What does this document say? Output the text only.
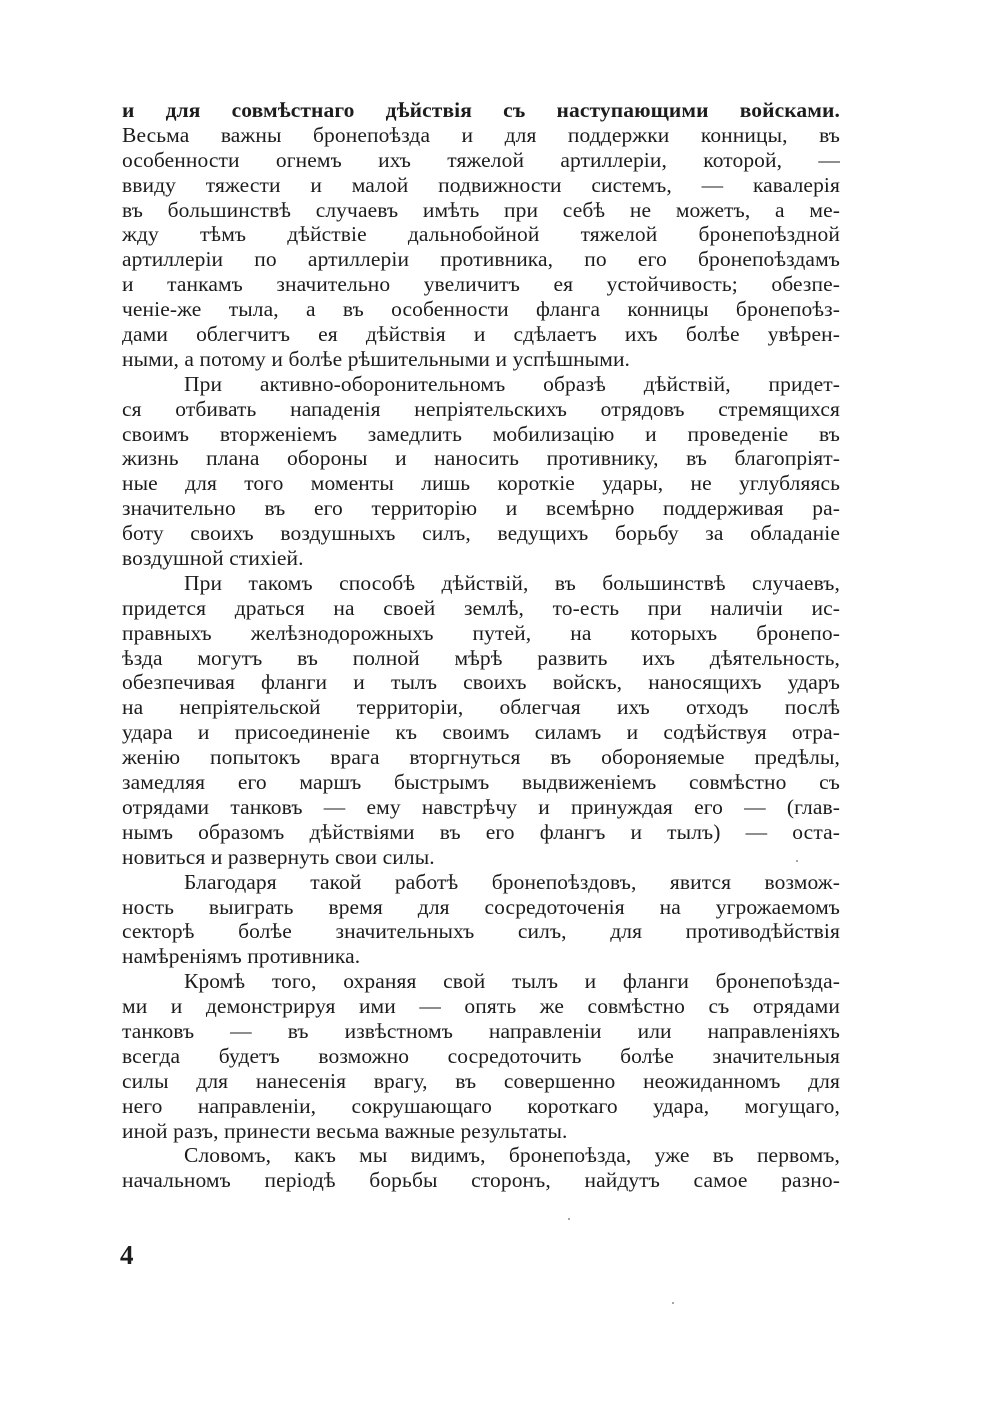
и для совмѣстнаго дѣйствія съ наступающими войсками.
Весьма важны бронепоѣзда и для поддержки конницы, въ
особенности огнемъ ихъ тяжелой артиллеріи, которой, —
ввиду тяжести и малой подвижности системъ, — кавалерія
въ большинствѣ случаевъ имѣть при себѣ не можетъ, а ме-
жду тѣмъ дѣйствіе дальнобойной тяжелой бронепоѣздной
артиллеріи по артиллеріи противника, по его бронепоѣздамъ
и танкамъ значительно увеличитъ ея устойчивость; обезпе-
ченіе-же тыла, а въ особенности фланга конницы бронепоѣз-
дами облегчитъ ея дѣйствія и сдѣлаетъ ихъ болѣе увѣрен-
ными, а потому и болѣе рѣшительными и успѣшными.
При активно-оборонительномъ образѣ дѣйствій, придет-
ся отбивать нападенія непріятельскихъ отрядовъ стремящихся
своимъ вторженіемъ замедлить мобилизацію и проведеніе въ
жизнь плана обороны и наносить противнику, въ благопріят-
ные для того моменты лишь короткіе удары, не углубляясь
значительно въ его территорію и всемѣрно поддерживая ра-
боту своихъ воздушныхъ силъ, ведущихъ борьбу за обладаніе
воздушной стихіей.
При такомъ способѣ дѣйствій, въ большинствѣ случаевъ,
придется драться на своей землѣ, то-есть при наличіи ис-
правныхъ желѣзнодорожныхъ путей, на которыхъ бронепо-
ѣзда могутъ въ полной мѣрѣ развить ихъ дѣятельность,
обезпечивая фланги и тылъ своихъ войскъ, наносящихъ ударъ
на непріятельской территоріи, облегчая ихъ отходъ послѣ
удара и присоединеніе къ своимъ силамъ и содѣйствуя отра-
женію попытокъ врага вторгнуться въ обороняемые предѣлы,
замедляя его маршъ быстрымъ выдвиженіемъ совмѣстно съ
отрядами танковъ — ему навстрѣчу и принуждая его — (глав-
нымъ образомъ дѣйствіями въ его флангъ и тылъ) — оста-
новиться и развернуть свои силы.
Благодаря такой работѣ бронепоѣздовъ, явится возмож-
ность выиграть время для сосредоточенія на угрожаемомъ
секторѣ болѣе значительныхъ силъ, для противодѣйствія
намѣреніямъ противника.
Кромѣ того, охраняя свой тылъ и фланги бронепоѣзда-
ми и демонстрируя ими — опять же совмѣстно съ отрядами
танковъ — въ извѣстномъ направленіи или направленіяхъ
всегда будетъ возможно сосредоточить болѣе значительныя
силы для нанесенія врагу, въ совершенно неожиданномъ для
него направленіи, сокрушающаго короткаго удара, могущаго,
иной разъ, принести весьма важные результаты.
Словомъ, какъ мы видимъ, бронепоѣзда, уже въ первомъ,
начальномъ періодѣ борьбы сторонъ, найдутъ самое разно-
4
